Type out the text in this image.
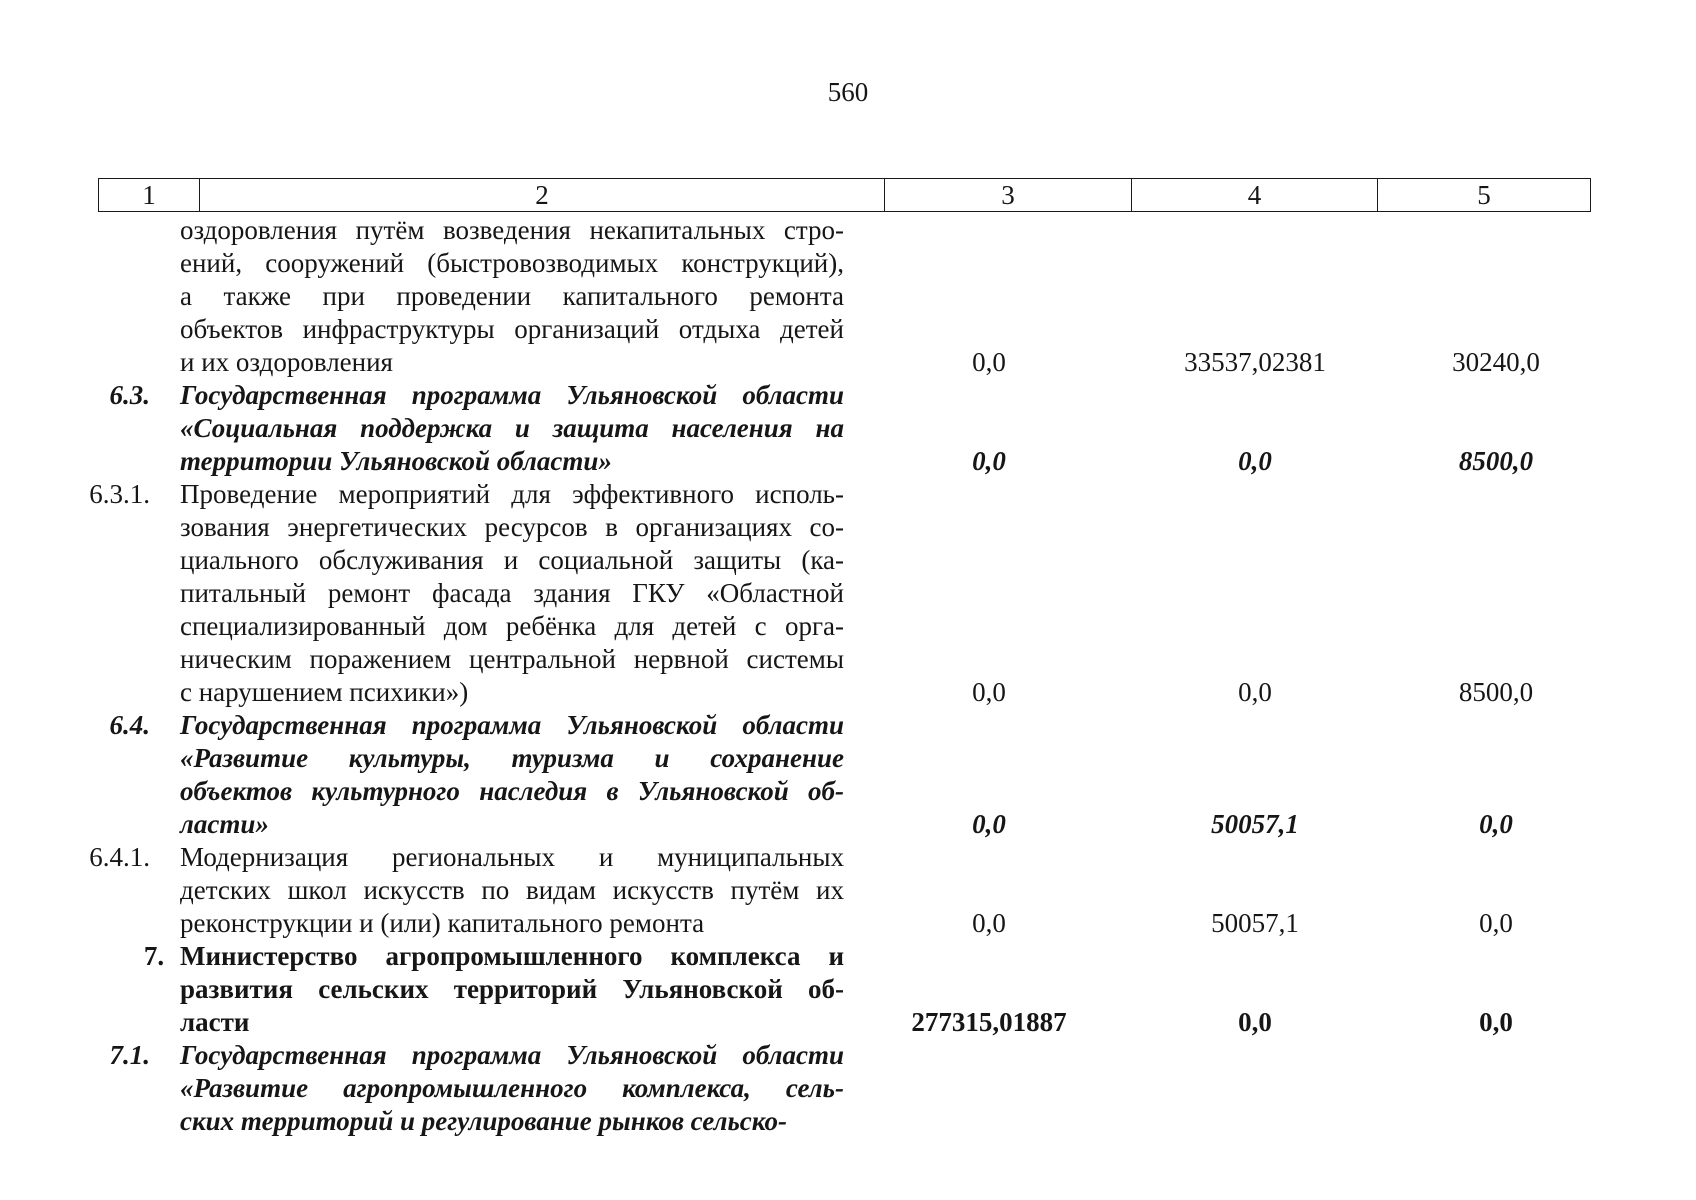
560
1	2	3	4	5
оздоровления путём возведения некапитальных стро-
ений, сооружений (быстровозводимых конструкций),
а также при проведении капитального ремонта
объектов инфраструктуры организаций отдыха детей
и их оздоровления	0,0	33537,02381	30240,0
6.3.	Государственная программа Ульяновской области
«Социальная поддержка и защита населения на
территории Ульяновской области»	0,0	0,0	8500,0
6.3.1.	Проведение мероприятий для эффективного исполь-
зования энергетических ресурсов в организациях со-
циального обслуживания и социальной защиты (ка-
питальный ремонт фасада здания ГКУ «Областной
специализированный дом ребёнка для детей с орга-
ническим поражением центральной нервной системы
с нарушением психики»)	0,0	0,0	8500,0
6.4.	Государственная программа Ульяновской области
«Развитие культуры, туризма и сохранение
объектов культурного наследия в Ульяновской об-
ласти»	0,0	50057,1	0,0
6.4.1.	Модернизация региональных и муниципальных
детских школ искусств по видам искусств путём их
реконструкции и (или) капитального ремонта	0,0	50057,1	0,0
7. Министерство агропромышленного комплекса и
развития сельских территорий Ульяновской об-
ласти	277315,01887	0,0	0,0
7.1.	Государственная программа Ульяновской области
«Развитие агропромышленного комплекса, сель-
ских территорий и регулирование рынков сельско-
